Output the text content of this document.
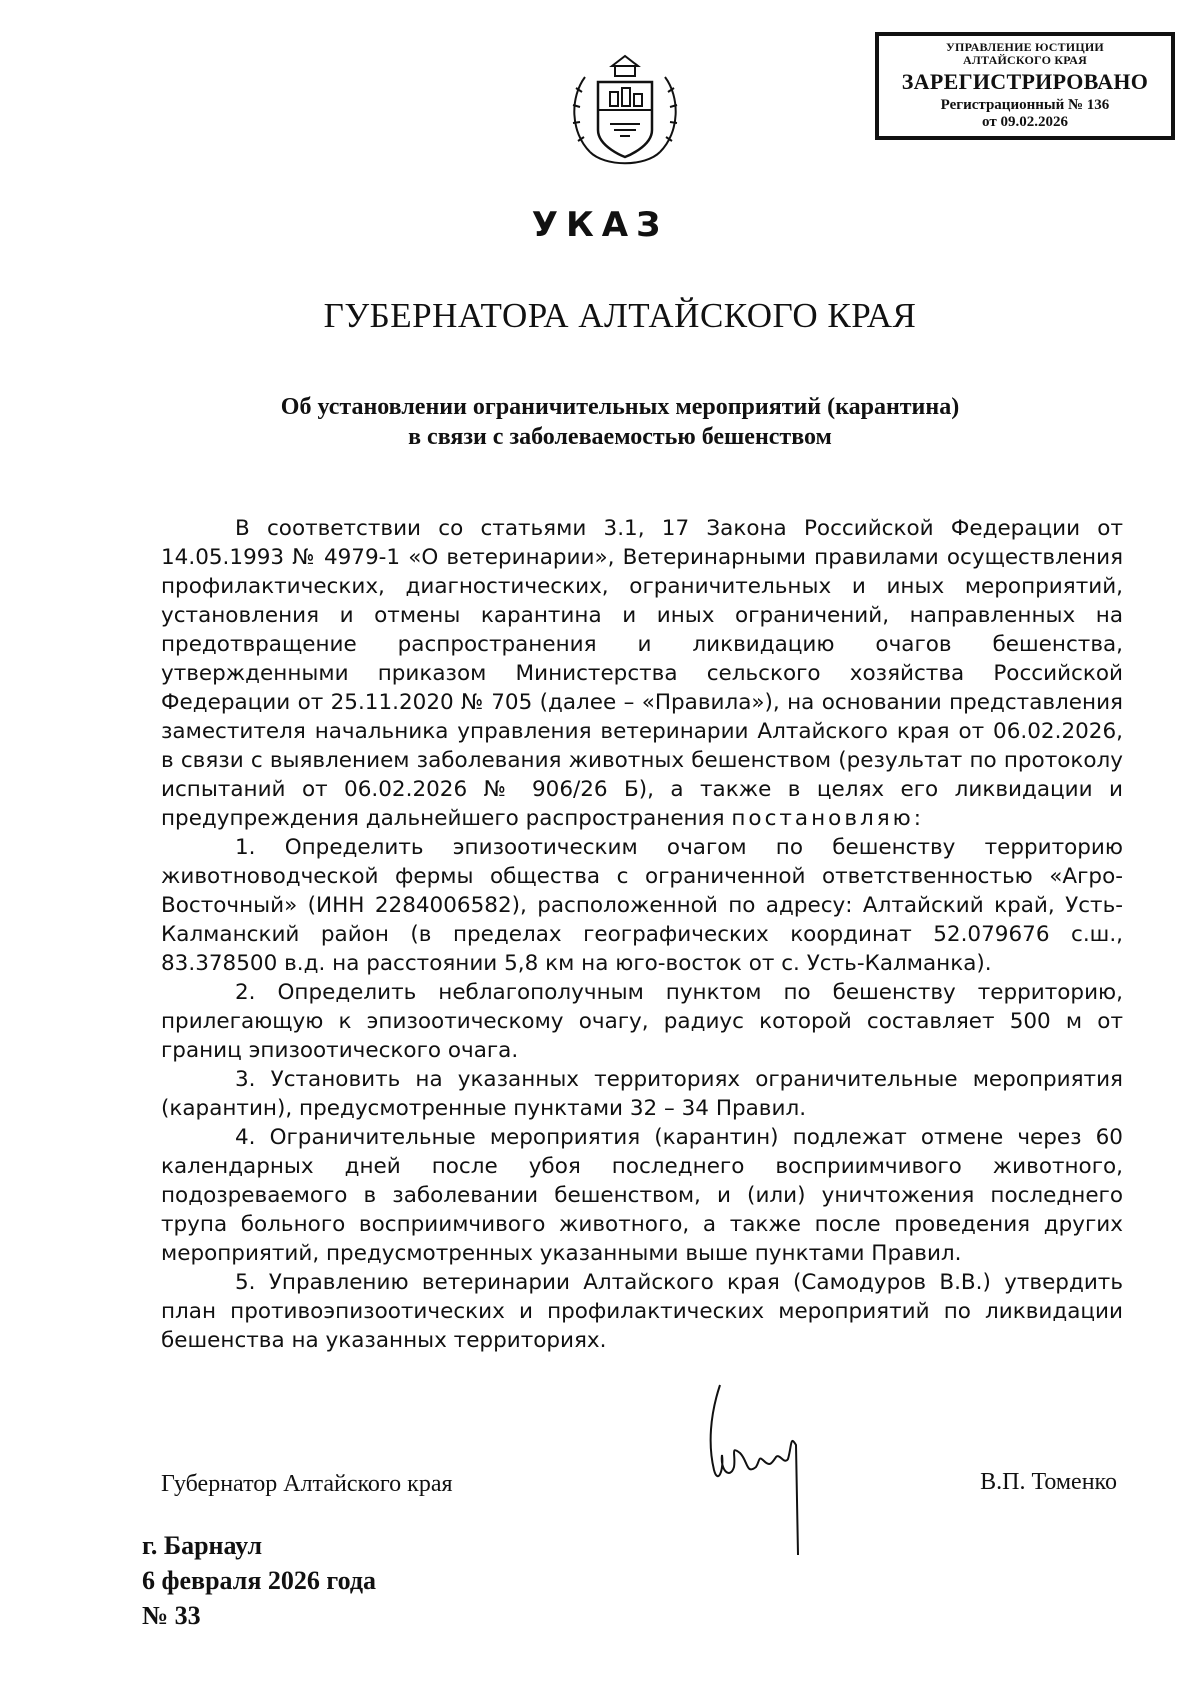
УПРАВЛЕНИЕ ЮСТИЦИИ
АЛТАЙСКОГО КРАЯ
ЗАРЕГИСТРИРОВАНО
Регистрационный № 136
от 09.02.2026
УКАЗ
ГУБЕРНАТОРА АЛТАЙСКОГО КРАЯ
Об установлении ограничительных мероприятий (карантина)
в связи с заболеваемостью бешенством

В соответствии со статьями 3.1, 17 Закона Российской Федерации от 14.05.1993 № 4979-1 «О ветеринарии», Ветеринарными правилами осуществления профилактических, диагностических, ограничительных и иных мероприятий, установления и отмены карантина и иных ограничений, направленных на предотвращение распространения и ликвидацию очагов бешенства, утвержденными приказом Министерства сельского хозяйства Российской Федерации от 25.11.2020 № 705 (далее – «Правила»), на основании представления заместителя начальника управления ветеринарии Алтайского края от 06.02.2026, в связи с выявлением заболевания животных бешенством (результат по протоколу испытаний от 06.02.2026 № 906/26 Б), а также в целях его ликвидации и предупреждения дальнейшего распространения постановляю:

1. Определить эпизоотическим очагом по бешенству территорию животноводческой фермы общества с ограниченной ответственностью «Агро-Восточный» (ИНН 2284006582), расположенной по адресу: Алтайский край, Усть-Калманский район (в пределах географических координат 52.079676 с.ш., 83.378500 в.д. на расстоянии 5,8 км на юго-восток от с. Усть-Калманка).

2. Определить неблагополучным пунктом по бешенству территорию, прилегающую к эпизоотическому очагу, радиус которой составляет 500 м от границ эпизоотического очага.

3. Установить на указанных территориях ограничительные мероприятия (карантин), предусмотренные пунктами 32 – 34 Правил.

4. Ограничительные мероприятия (карантин) подлежат отмене через 60 календарных дней после убоя последнего восприимчивого животного, подозреваемого в заболевании бешенством, и (или) уничтожения последнего трупа больного восприимчивого животного, а также после проведения других мероприятий, предусмотренных указанными выше пунктами Правил.

5. Управлению ветеринарии Алтайского края (Самодуров В.В.) утвердить план противоэпизоотических и профилактических мероприятий по ликвидации бешенства на указанных территориях.

Губернатор Алтайского края	В.П. Томенко
г. Барнаул
6 февраля 2026 года
№ 33
